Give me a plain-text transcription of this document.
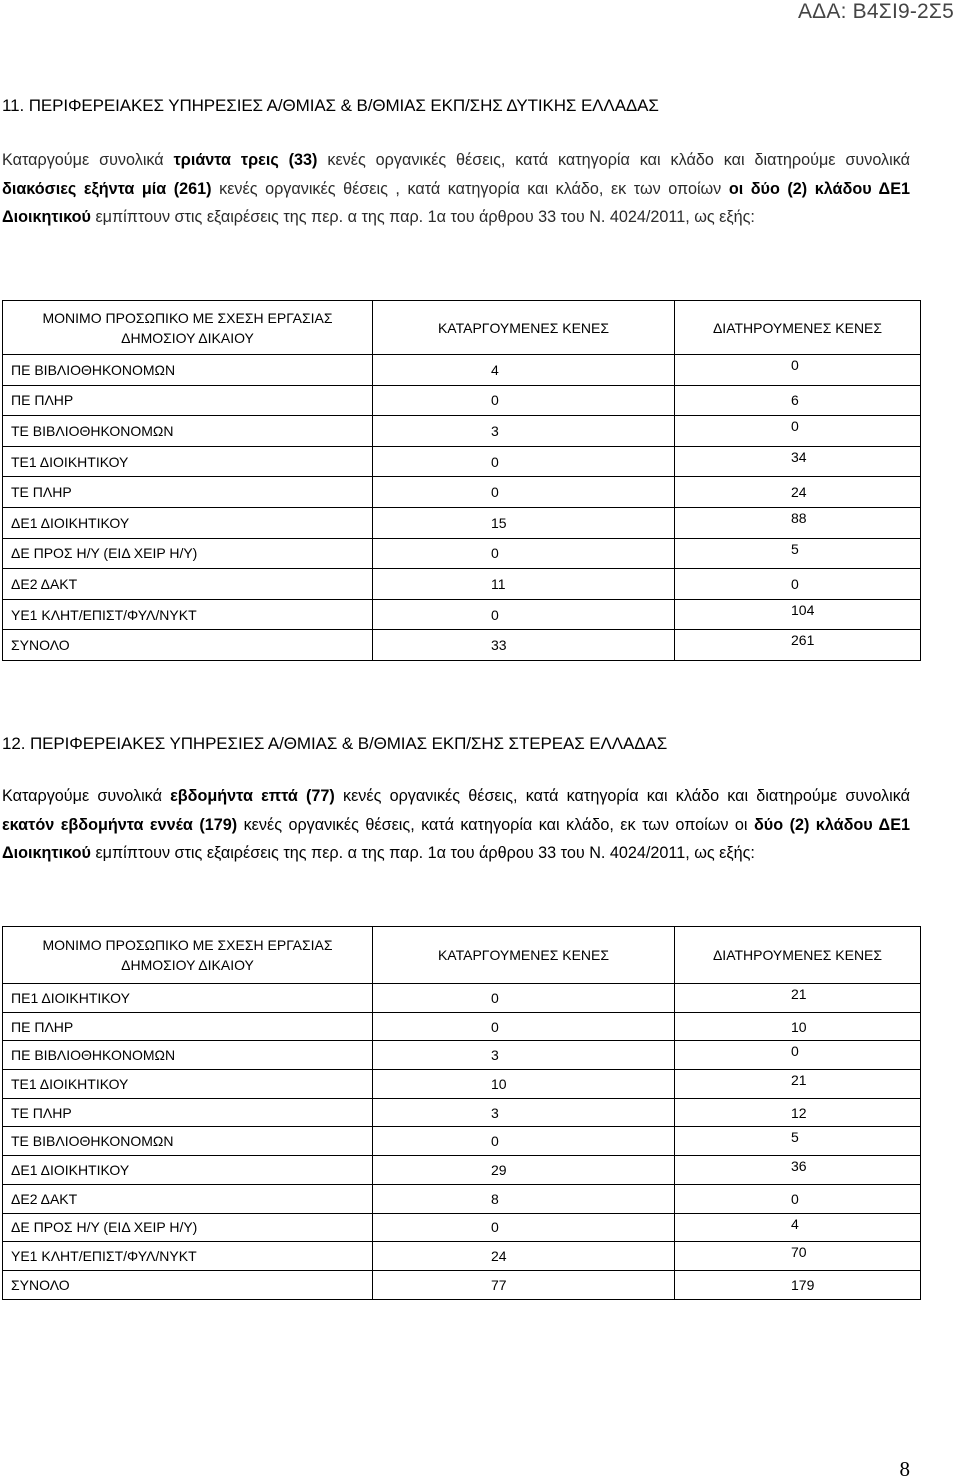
ΑΔΑ: Β4ΣΙ9-2Σ5
11. ΠΕΡΙΦΕΡΕΙΑΚΕΣ ΥΠΗΡΕΣΙΕΣ Α/ΘΜΙΑΣ & Β/ΘΜΙΑΣ ΕΚΠ/ΣΗΣ ΔΥΤΙΚΗΣ ΕΛΛΑΔΑΣ
Καταργούμε συνολικά τριάντα τρεις (33) κενές οργανικές θέσεις, κατά κατηγορία και κλάδο και διατηρούμε συνολικά διακόσιες εξήντα μία (261) κενές οργανικές θέσεις , κατά κατηγορία και κλάδο, εκ των οποίων οι δύο (2) κλάδου ΔΕ1 Διοικητικού εμπίπτουν στις εξαιρέσεις της περ. α της παρ. 1α του άρθρου 33 του Ν. 4024/2011, ως εξής:
ΜΟΝΙΜΟ ΠΡΟΣΩΠΙΚΟ ΜΕ ΣΧΕΣΗ ΕΡΓΑΣΙΑΣ ΔΗΜΟΣΙΟΥ ΔΙΚΑΙΟΥ	ΚΑΤΑΡΓΟΥΜΕΝΕΣ ΚΕΝΕΣ	ΔΙΑΤΗΡΟΥΜΕΝΕΣ ΚΕΝΕΣ
ΠΕ ΒΙΒΛΙΟΘΗΚΟΝΟΜΩΝ	4	0
ΠΕ ΠΛΗΡ	0	6
ΤΕ ΒΙΒΛΙΟΘΗΚΟΝΟΜΩΝ	3	0
ΤΕ1 ΔΙΟΙΚΗΤΙΚΟΥ	0	34
ΤΕ ΠΛΗΡ	0	24
ΔΕ1 ΔΙΟΙΚΗΤΙΚΟΥ	15	88
ΔΕ ΠΡΟΣ Η/Υ (ΕΙΔ ΧΕΙΡ Η/Υ)	0	5
ΔΕ2 ΔΑΚΤ	11	0
ΥΕ1 ΚΛΗΤ/ΕΠΙΣΤ/ΦΥΛ/ΝΥΚΤ	0	104
ΣΥΝΟΛΟ	33	261
12. ΠΕΡΙΦΕΡΕΙΑΚΕΣ ΥΠΗΡΕΣΙΕΣ Α/ΘΜΙΑΣ & Β/ΘΜΙΑΣ ΕΚΠ/ΣΗΣ ΣΤΕΡΕΑΣ ΕΛΛΑΔΑΣ
Καταργούμε συνολικά εβδομήντα επτά (77) κενές οργανικές θέσεις, κατά κατηγορία και κλάδο και διατηρούμε συνολικά εκατόν εβδομήντα εννέα (179) κενές οργανικές θέσεις, κατά κατηγορία και κλάδο, εκ των οποίων οι δύο (2) κλάδου ΔΕ1 Διοικητικού εμπίπτουν στις εξαιρέσεις της περ. α της παρ. 1α του άρθρου 33 του Ν. 4024/2011, ως εξής:
ΜΟΝΙΜΟ ΠΡΟΣΩΠΙΚΟ ΜΕ ΣΧΕΣΗ ΕΡΓΑΣΙΑΣ ΔΗΜΟΣΙΟΥ ΔΙΚΑΙΟΥ	ΚΑΤΑΡΓΟΥΜΕΝΕΣ ΚΕΝΕΣ	ΔΙΑΤΗΡΟΥΜΕΝΕΣ ΚΕΝΕΣ
ΠΕ1 ΔΙΟΙΚΗΤΙΚΟΥ	0	21
ΠΕ ΠΛΗΡ	0	10
ΠΕ ΒΙΒΛΙΟΘΗΚΟΝΟΜΩΝ	3	0
ΤΕ1 ΔΙΟΙΚΗΤΙΚΟΥ	10	21
ΤΕ ΠΛΗΡ	3	12
ΤΕ ΒΙΒΛΙΟΘΗΚΟΝΟΜΩΝ	0	5
ΔΕ1 ΔΙΟΙΚΗΤΙΚΟΥ	29	36
ΔΕ2 ΔΑΚΤ	8	0
ΔΕ ΠΡΟΣ Η/Υ (ΕΙΔ ΧΕΙΡ Η/Υ)	0	4
ΥΕ1 ΚΛΗΤ/ΕΠΙΣΤ/ΦΥΛ/ΝΥΚΤ	24	70
ΣΥΝΟΛΟ	77	179
8
